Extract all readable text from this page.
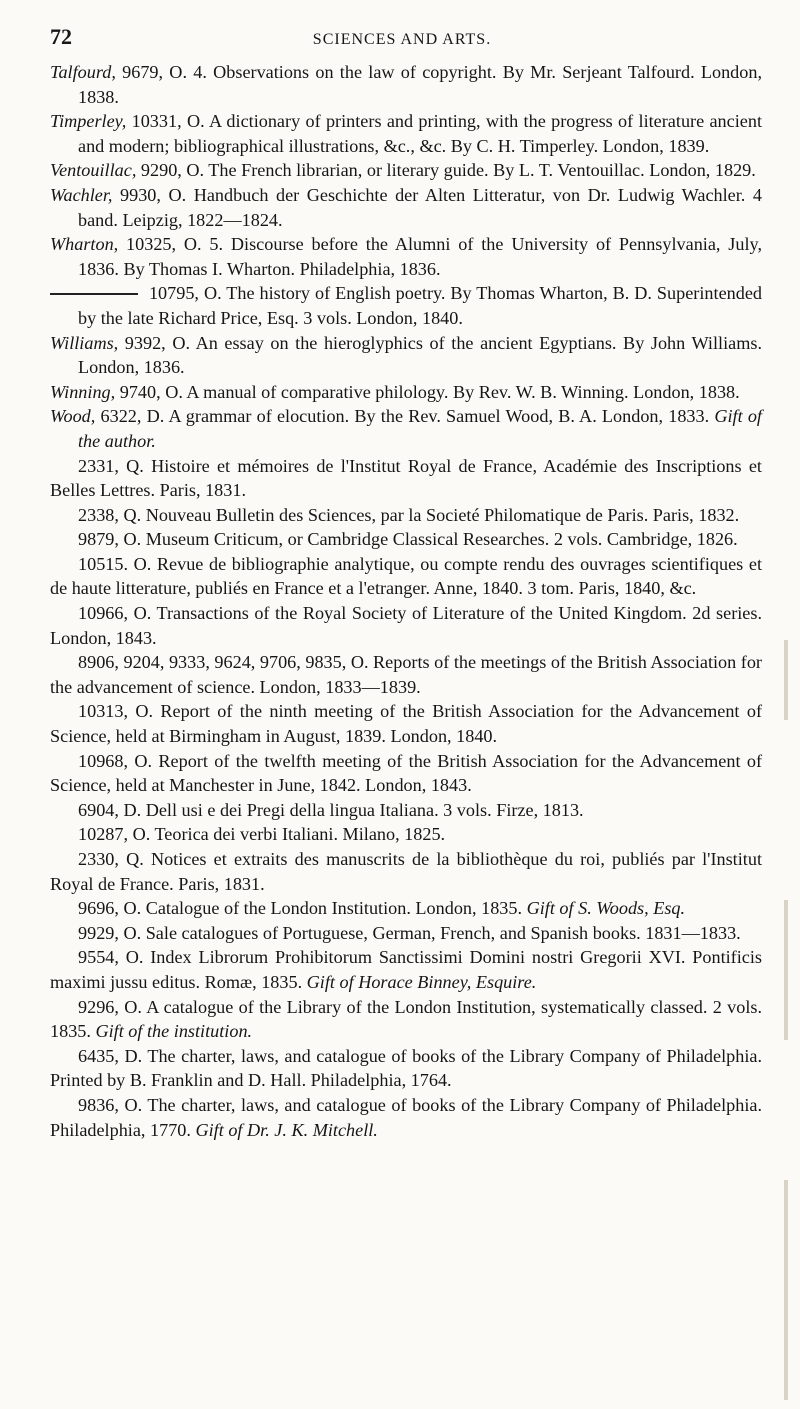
72	SCIENCES AND ARTS.

Talfourd, 9679, O. 4. Observations on the law of copyright. By Mr. Serjeant Talfourd. London, 1838.

Timperley, 10331, O. A dictionary of printers and printing, with the progress of literature ancient and modern; bibliographical illustrations, &c., &c. By C. H. Timperley. London, 1839.

Ventouillac, 9290, O. The French librarian, or literary guide. By L. T. Ventouillac. London, 1829.

Wachler, 9930, O. Handbuch der Geschichte der Alten Litteratur, von Dr. Ludwig Wachler. 4 band. Leipzig, 1822—1824.

Wharton, 10325, O. 5. Discourse before the Alumni of the University of Pennsylvania, July, 1836. By Thomas I. Wharton. Philadelphia, 1836.

10795, O. The history of English poetry. By Thomas Wharton, B. D. Superintended by the late Richard Price, Esq. 3 vols. London, 1840.

Williams, 9392, O. An essay on the hieroglyphics of the ancient Egyptians. By John Williams. London, 1836.

Winning, 9740, O. A manual of comparative philology. By Rev. W. B. Winning. London, 1838.

Wood, 6322, D. A grammar of elocution. By the Rev. Samuel Wood, B. A. London, 1833. Gift of the author.

2331, Q. Histoire et mémoires de l'Institut Royal de France, Académie des Inscriptions et Belles Lettres. Paris, 1831.

2338, Q. Nouveau Bulletin des Sciences, par la Societé Philomatique de Paris. Paris, 1832.

9879, O. Museum Criticum, or Cambridge Classical Researches. 2 vols. Cambridge, 1826.

10515. O. Revue de bibliographie analytique, ou compte rendu des ouvrages scientifiques et de haute litterature, publiés en France et a l'etranger. Anne, 1840. 3 tom. Paris, 1840, &c.

10966, O. Transactions of the Royal Society of Literature of the United Kingdom. 2d series. London, 1843.

8906, 9204, 9333, 9624, 9706, 9835, O. Reports of the meetings of the British Association for the advancement of science. London, 1833—1839.

10313, O. Report of the ninth meeting of the British Association for the Advancement of Science, held at Birmingham in August, 1839. London, 1840.

10968, O. Report of the twelfth meeting of the British Association for the Advancement of Science, held at Manchester in June, 1842. London, 1843.

6904, D. Dell usi e dei Pregi della lingua Italiana. 3 vols. Firze, 1813.

10287, O. Teorica dei verbi Italiani. Milano, 1825.

2330, Q. Notices et extraits des manuscrits de la bibliothèque du roi, publiés par l'Institut Royal de France. Paris, 1831.

9696, O. Catalogue of the London Institution. London, 1835. Gift of S. Woods, Esq.

9929, O. Sale catalogues of Portuguese, German, French, and Spanish books. 1831—1833.

9554, O. Index Librorum Prohibitorum Sanctissimi Domini nostri Gregorii XVI. Pontificis maximi jussu editus. Romæ, 1835. Gift of Horace Binney, Esquire.

9296, O. A catalogue of the Library of the London Institution, systematically classed. 2 vols. 1835. Gift of the institution.

6435, D. The charter, laws, and catalogue of books of the Library Company of Philadelphia. Printed by B. Franklin and D. Hall. Philadelphia, 1764.

9836, O. The charter, laws, and catalogue of books of the Library Company of Philadelphia. Philadelphia, 1770. Gift of Dr. J. K. Mitchell.
